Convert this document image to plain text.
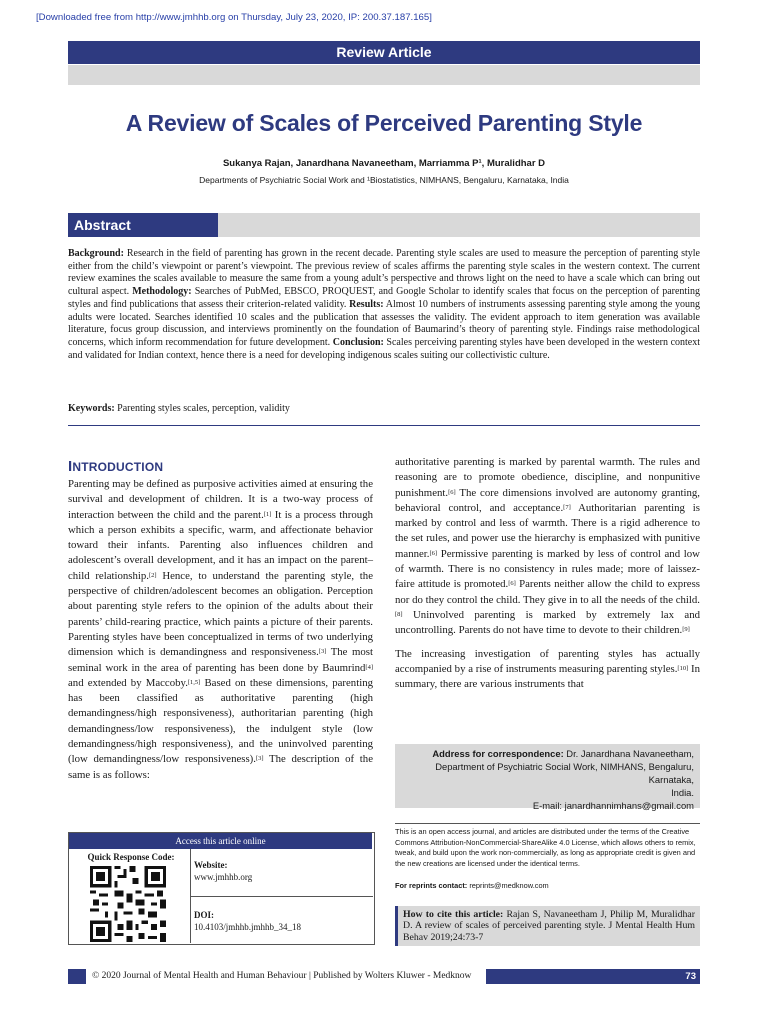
[Downloaded free from http://www.jmhhb.org on Thursday, July 23, 2020, IP: 200.37.187.165]
Review Article
A Review of Scales of Perceived Parenting Style
Sukanya Rajan, Janardhana Navaneetham, Marriamma P¹, Muralidhar D
Departments of Psychiatric Social Work and ¹Biostatistics, NIMHANS, Bengaluru, Karnataka, India
Abstract
Background: Research in the field of parenting has grown in the recent decade. Parenting style scales are used to measure the perception of parenting style either from the child’s viewpoint or parent’s viewpoint. The previous review of scales affirms the parenting style scales in the western context. The current review examines the scales available to measure the same from a young adult’s perspective and throws light on the need to have a scale which can bring out cultural aspect. Methodology: Searches of PubMed, EBSCO, PROQUEST, and Google Scholar to identify scales that focus on the perception of parenting styles and find publications that assess their criterion-related validity. Results: Almost 10 numbers of instruments assessing parenting style among the young adults were located. Searches identified 10 scales and the publication that assesses the validity. The evident approach to item generation was available literature, focus group discussion, and interviews prominently on the foundation of Baumarind’s theory of parenting style. Findings raise methodological concerns, which inform recommendation for future development. Conclusion: Scales perceiving parenting styles have been developed in the western context and validated for Indian context, hence there is a need for developing indigenous scales suiting our collectivistic culture.
Keywords: Parenting styles scales, perception, validity
INTRODUCTION
Parenting may be defined as purposive activities aimed at ensuring the survival and development of children. It is a two-way process of interaction between the child and the parent.[1] It is a process through which a person exhibits a specific, warm, and affectionate behavior toward their infants. Parenting also influences children and adolescent’s overall development, and it has an impact on the parent–child relationship.[2] Hence, to understand the parenting style, the perspective of children/adolescent becomes an obligation. Perception about parenting style refers to the opinion of the adults about their parents’ child-rearing practice, which paints a picture of their parents. Parenting styles have been conceptualized in terms of two underlying dimension which is demandingness and responsiveness.[3] The most seminal work in the area of parenting has been done by Baumrind[4] and extended by Maccoby.[1,5] Based on these dimensions, parenting has been classified as authoritative parenting (high demandingness/high responsiveness), authoritarian parenting (high demandingness/low responsiveness), the indulgent style (low demandingness/high responsiveness), and the uninvolved parenting (low demandingness/low responsiveness).[3] The description of the same is as follows:
authoritative parenting is marked by parental warmth. The rules and reasoning are to promote obedience, discipline, and nonpunitive punishment.[6] The core dimensions involved are autonomy granting, behavioral control, and acceptance.[7] Authoritarian parenting is marked by control and less of warmth. There is a rigid adherence to the set rules, and power use the hierarchy is emphasized with punitive manner.[6] Permissive parenting is marked by less of control and low of warmth. There is no consistency in rules made; more of laissez-faire attitude is promoted.[6] Parents neither allow the child to express nor do they control the child. They give in to all the needs of the child.[8] Uninvolved parenting is marked by extremely lax and uncontrolling. Parents do not have time to devote to their children.[9]
The increasing investigation of parenting styles has actually accompanied by a rise of instruments measuring parenting styles.[10] In summary, there are various instruments that
Access this article online
Quick Response Code:
Website:
www.jmhhb.org
DOI:
10.4103/jmhhb.jmhhb_34_18
Address for correspondence: Dr. Janardhana Navaneetham,
Department of Psychiatric Social Work, NIMHANS, Bengaluru, Karnataka,
India.
E-mail: janardhannimhans@gmail.com
This is an open access journal, and articles are distributed under the terms of the Creative Commons Attribution-NonCommercial-ShareAlike 4.0 License, which allows others to remix, tweak, and build upon the work non-commercially, as long as appropriate credit is given and the new creations are licensed under the identical terms.
For reprints contact: reprints@medknow.com
How to cite this article: Rajan S, Navaneetham J, Philip M, Muralidhar D. A review of scales of perceived parenting style. J Mental Health Hum Behav 2019;24:73-7
© 2020 Journal of Mental Health and Human Behaviour | Published by Wolters Kluwer - Medknow	73
